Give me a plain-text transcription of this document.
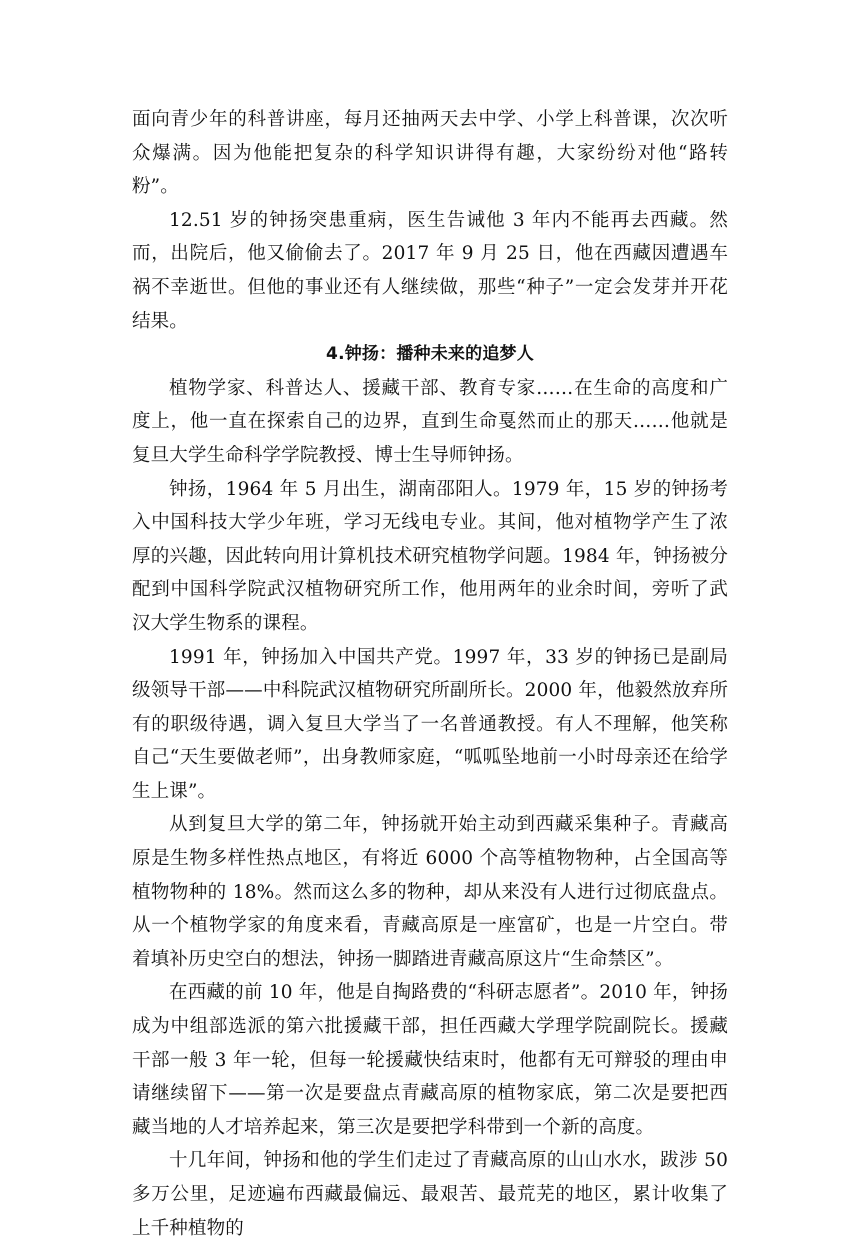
面向青少年的科普讲座，每月还抽两天去中学、小学上科普课，次次听众爆满。因为他能把复杂的科学知识讲得有趣，大家纷纷对他“路转粉”。

12.51 岁的钟扬突患重病，医生告诫他 3 年内不能再去西藏。然而，出院后，他又偷偷去了。2017 年 9 月 25 日，他在西藏因遭遇车祸不幸逝世。但他的事业还有人继续做，那些“种子”一定会发芽并开花结果。

4.钟扬：播种未来的追梦人

植物学家、科普达人、援藏干部、教育专家……在生命的高度和广度上，他一直在探索自己的边界，直到生命戛然而止的那天……他就是复旦大学生命科学学院教授、博士生导师钟扬。

钟扬，1964 年 5 月出生，湖南邵阳人。1979 年，15 岁的钟扬考入中国科技大学少年班，学习无线电专业。其间，他对植物学产生了浓厚的兴趣，因此转向用计算机技术研究植物学问题。1984 年，钟扬被分配到中国科学院武汉植物研究所工作，他用两年的业余时间，旁听了武汉大学生物系的课程。

1991 年，钟扬加入中国共产党。1997 年，33 岁的钟扬已是副局级领导干部——中科院武汉植物研究所副所长。2000 年，他毅然放弃所有的职级待遇，调入复旦大学当了一名普通教授。有人不理解，他笑称自己“天生要做老师”，出身教师家庭，“呱呱坠地前一小时母亲还在给学生上课”。

从到复旦大学的第二年，钟扬就开始主动到西藏采集种子。青藏高原是生物多样性热点地区，有将近 6000 个高等植物物种，占全国高等植物物种的 18%。然而这么多的物种，却从来没有人进行过彻底盘点。从一个植物学家的角度来看，青藏高原是一座富矿，也是一片空白。带着填补历史空白的想法，钟扬一脚踏进青藏高原这片“生命禁区”。

在西藏的前 10 年，他是自掏路费的“科研志愿者”。2010 年，钟扬成为中组部选派的第六批援藏干部，担任西藏大学理学院副院长。援藏干部一般 3 年一轮，但每一轮援藏快结束时，他都有无可辩驳的理由申请继续留下——第一次是要盘点青藏高原的植物家底，第二次是要把西藏当地的人才培养起来，第三次是要把学科带到一个新的高度。

十几年间，钟扬和他的学生们走过了青藏高原的山山水水，跋涉 50 多万公里，足迹遍布西藏最偏远、最艰苦、最荒芜的地区，累计收集了上千种植物的
